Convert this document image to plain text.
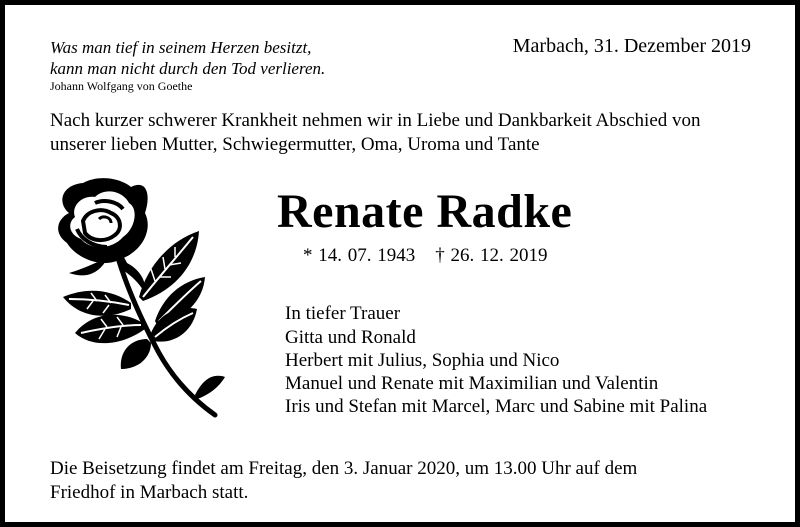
Was man tief in seinem Herzen besitzt,
kann man nicht durch den Tod verlieren.
Johann Wolfgang von Goethe
Marbach, 31. Dezember 2019
Nach kurzer schwerer Krankheit nehmen wir in Liebe und Dankbarkeit Abschied von
unserer lieben Mutter, Schwiegermutter, Oma, Uroma und Tante
Renate Radke
* 14. 07. 1943 † 26. 12. 2019
In tiefer Trauer
Gitta und Ronald
Herbert mit Julius, Sophia und Nico
Manuel und Renate mit Maximilian und Valentin
Iris und Stefan mit Marcel, Marc und Sabine mit Palina
Die Beisetzung findet am Freitag, den 3. Januar 2020, um 13.00 Uhr auf dem
Friedhof in Marbach statt.
